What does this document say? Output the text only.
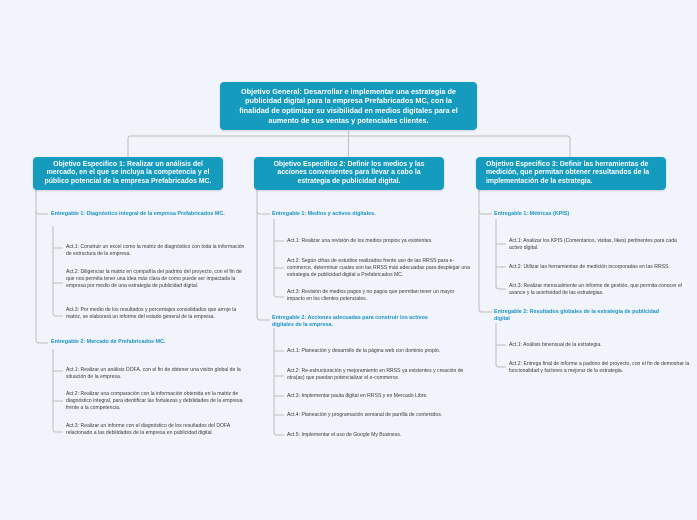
Objetivo General: Desarrollar e implementar una estrategia de publicidad digital para la empresa Prefabricados MC, con la finalidad de optimizar su visibilidad en medios digitales para el aumento de sus ventas y potenciales clientes.
Objetivo Especifico 1: Realizar un análisis del mercado, en el que se incluya la competencia y el público potencial de la empresa Prefabricados MC.
Entregable 1: Diagnóstico integral de la empresa Prefabricados MC.
Act.1: Construir un excel como la matriz de diagnóstico con toda la información de estructura de la empresa.
Act.2: Diligenciar la matriz en compañía del padrino del proyecto, con el fin de que nos permita tener una idea más clara de como puede ser impactada la empresa por medio de una estrategia de publicidad digital.
Act.3: Por medio de los resultados y porcentajes consolidados que arroje la matriz, se elaborará un informe del estado general de la empresa.
Entregable 2: Mercado de Prefabricados MC.
Act.1: Realizar un análisis DOFA, con el fin de obtener una visión global de la situación de la empresa.
Act.2: Realizar una comparación con la información obtenida en la matriz de diagnóstico integral, para identificar las fortalezas y debilidades de la empresa frente a la competencia.
Act.3: Realizar un informe con el diagnóstico de los resultados del DOFA relacionado a las debilidades de la empresa en publicidad digital.
Objetivo Especifico 2: Definir los medios y las acciones convenientes para llevar a cabo la estrategia de publicidad digital.
Entregable 1: Medios y activos digitales.
Act.1: Realizar una revisión de los medios propios ya existentes.
Act.2: Según cifras de estudios realizados frente uso de las RRSS para e-commerce, determinar cuales son las RRSS más adecuadas para desplegar una estrategia de publicidad digital a Prefabricados MC.
Act.3: Revisión de medios pagos y no pagos que permitan tener un mayor impacto en los clientes potenciales.
Entregable 2: Acciones adecuadas para construir los activos digitales de la empresa.
Act.1: Planeación y desarrollo de la página web con dominio propio.
Act.2: Re-estructuración y mejoramiento en RRSS ya existentes y creación de otra(as) que puedan potencializar el e-commerce.
Act.3: Implementar pauta digital en RRSS y en Mercado Libre.
Act.4: Planeación y programación semanal de parrilla de contenidos.
Act.5: Implementar el uso de Google My Business.
Objetivo Especifico 3: Definir las herramientas de medición, que permitan obtener resultandos de la implementación de la estrategia.
Entregable 1: Métricas (KPIS)
Act.1: Analizar los KPIS (Comentarios, visitas, likes) pertinentes para cada activo digital.
Act.2: Utilizar las herramientas de medición incorporadas en las RRSS.
Act.3: Realizar mensualmente un informe de gestión, que permita conocer el avance y la acertividad de las estrategias.
Entregable 2: Resultados globales de la estrategia de publicidad digital
Act.1: Análisis binensual de la estrategia.
Act.2: Entrega final de informe a padrino del proyecto, con el fin de demostrar la funcionalidad y factores a mejorar de la estrategia.
